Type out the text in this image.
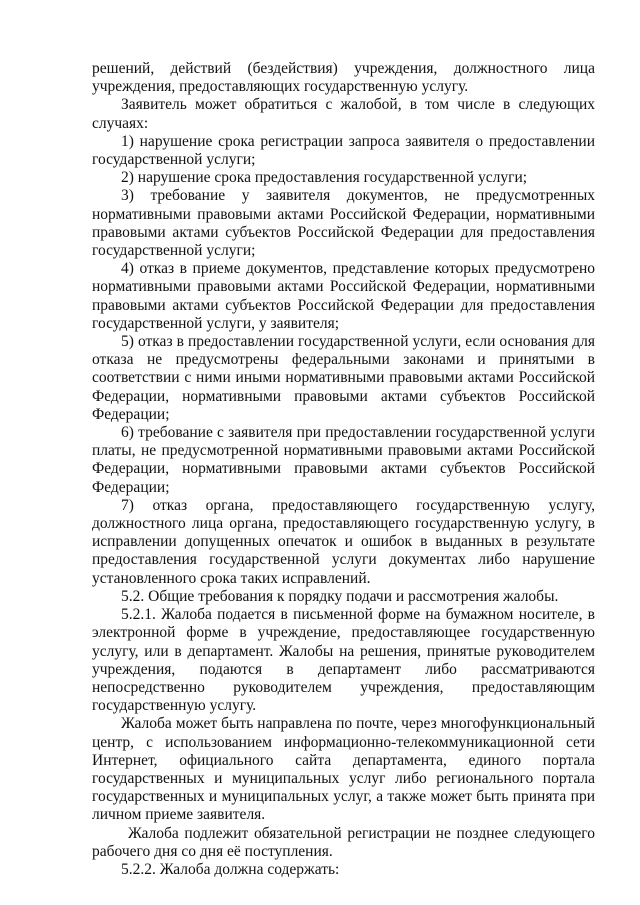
решений, действий (бездействия) учреждения, должностного лица учреждения, предоставляющих государственную услугу.

Заявитель может обратиться с жалобой, в том числе в следующих случаях:

1) нарушение срока регистрации запроса заявителя о предоставлении государственной услуги;

2) нарушение срока предоставления государственной услуги;

3) требование у заявителя документов, не предусмотренных нормативными правовыми актами Российской Федерации, нормативными правовыми актами субъектов Российской Федерации для предоставления государственной услуги;

4) отказ в приеме документов, представление которых предусмотрено нормативными правовыми актами Российской Федерации, нормативными правовыми актами субъектов Российской Федерации для предоставления государственной услуги, у заявителя;

5) отказ в предоставлении государственной услуги, если основания для отказа не предусмотрены федеральными законами и принятыми в соответствии с ними иными нормативными правовыми актами Российской Федерации, нормативными правовыми актами субъектов Российской Федерации;

6) требование с заявителя при предоставлении государственной услуги платы, не предусмотренной нормативными правовыми актами Российской Федерации, нормативными правовыми актами субъектов Российской Федерации;

7) отказ органа, предоставляющего государственную услугу, должностного лица органа, предоставляющего государственную услугу, в исправлении допущенных опечаток и ошибок в выданных в результате предоставления государственной услуги документах либо нарушение установленного срока таких исправлений.

5.2. Общие требования к порядку подачи и рассмотрения жалобы.

5.2.1. Жалоба подается в письменной форме на бумажном носителе, в электронной форме в учреждение, предоставляющее государственную услугу, или в департамент. Жалобы на решения, принятые руководителем учреждения, подаются в департамент либо рассматриваются непосредственно руководителем учреждения, предоставляющим государственную услугу.

Жалоба может быть направлена по почте, через многофункциональный центр, с использованием информационно-телекоммуникационной сети Интернет, официального сайта департамента, единого портала государственных и муниципальных услуг либо регионального портала государственных и муниципальных услуг, а также может быть принята при личном приеме заявителя.

Жалоба подлежит обязательной регистрации не позднее следующего рабочего дня со дня её поступления.

5.2.2. Жалоба должна содержать:
